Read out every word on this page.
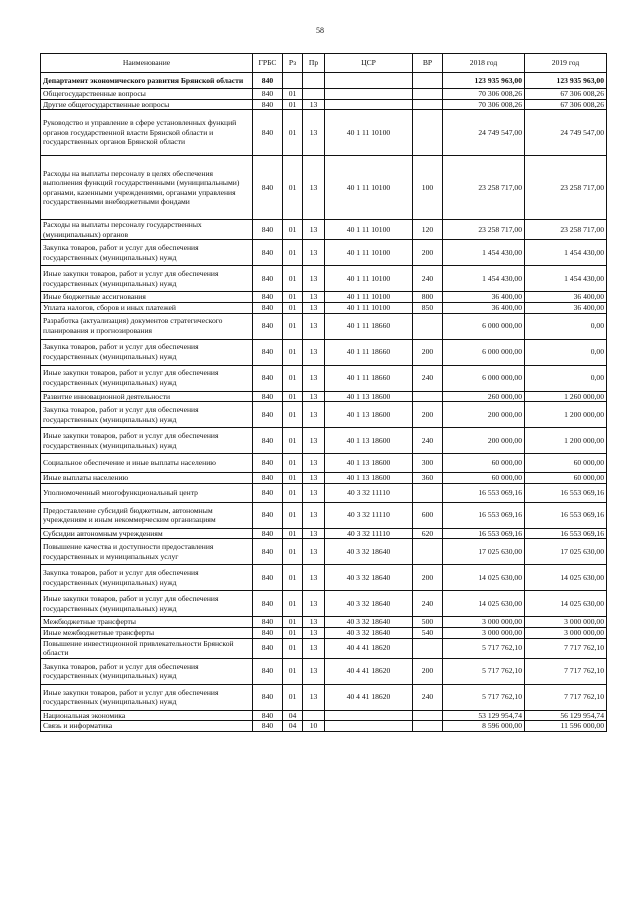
58
Наименование	ГРБС	Рз	Пр	ЦСР	ВР	2018 год	2019 год
Департамент экономического развития Брянской области	840					123 935 963,00	123 935 963,00
Общегосударственные вопросы	840	01				70 306 008,26	67 306 008,26
Другие общегосударственные вопросы	840	01	13			70 306 008,26	67 306 008,26
Руководство и управление в сфере установленных функций органов государственной власти Брянской области и государственных органов Брянской области	840	01	13	40 1 11 10100		24 749 547,00	24 749 547,00
Расходы на выплаты персоналу в целях обеспечения выполнения функций государственными (муниципальными) органами, казенными учреждениями, органами управления государственными внебюджетными фондами	840	01	13	40 1 11 10100	100	23 258 717,00	23 258 717,00
Расходы на выплаты персоналу государственных (муниципальных) органов	840	01	13	40 1 11 10100	120	23 258 717,00	23 258 717,00
Закупка товаров, работ и услуг для обеспечения государственных (муниципальных) нужд	840	01	13	40 1 11 10100	200	1 454 430,00	1 454 430,00
Иные закупки товаров, работ и услуг для обеспечения государственных (муниципальных) нужд	840	01	13	40 1 11 10100	240	1 454 430,00	1 454 430,00
Иные бюджетные ассигнования	840	01	13	40 1 11 10100	800	36 400,00	36 400,00
Уплата налогов, сборов и иных платежей	840	01	13	40 1 11 10100	850	36 400,00	36 400,00
Разработка (актуализация) документов стратегического планирования и прогнозирования	840	01	13	40 1 11 18660		6 000 000,00	0,00
Закупка товаров, работ и услуг для обеспечения государственных (муниципальных) нужд	840	01	13	40 1 11 18660	200	6 000 000,00	0,00
Иные закупки товаров, работ и услуг для обеспечения государственных (муниципальных) нужд	840	01	13	40 1 11 18660	240	6 000 000,00	0,00
Развитие инновационной деятельности	840	01	13	40 1 13 18600		260 000,00	1 260 000,00
Закупка товаров, работ и услуг для обеспечения государственных (муниципальных) нужд	840	01	13	40 1 13 18600	200	200 000,00	1 200 000,00
Иные закупки товаров, работ и услуг для обеспечения государственных (муниципальных) нужд	840	01	13	40 1 13 18600	240	200 000,00	1 200 000,00
Социальное обеспечение и иные выплаты населению	840	01	13	40 1 13 18600	300	60 000,00	60 000,00
Иные выплаты населению	840	01	13	40 1 13 18600	360	60 000,00	60 000,00
Уполномоченный многофункциональный центр	840	01	13	40 3 32 11110		16 553 069,16	16 553 069,16
Предоставление субсидий бюджетным, автономным учреждениям и иным некоммерческим организациям	840	01	13	40 3 32 11110	600	16 553 069,16	16 553 069,16
Субсидии автономным учреждениям	840	01	13	40 3 32 11110	620	16 553 069,16	16 553 069,16
Повышение качества и доступности предоставления государственных и муниципальных услуг	840	01	13	40 3 32 18640		17 025 630,00	17 025 630,00
Закупка товаров, работ и услуг для обеспечения государственных (муниципальных) нужд	840	01	13	40 3 32 18640	200	14 025 630,00	14 025 630,00
Иные закупки товаров, работ и услуг для обеспечения государственных (муниципальных) нужд	840	01	13	40 3 32 18640	240	14 025 630,00	14 025 630,00
Межбюджетные трансферты	840	01	13	40 3 32 18640	500	3 000 000,00	3 000 000,00
Иные межбюджетные трансферты	840	01	13	40 3 32 18640	540	3 000 000,00	3 000 000,00
Повышение инвестиционной привлекательности Брянской области	840	01	13	40 4 41 18620		5 717 762,10	7 717 762,10
Закупка товаров, работ и услуг для обеспечения государственных (муниципальных) нужд	840	01	13	40 4 41 18620	200	5 717 762,10	7 717 762,10
Иные закупки товаров, работ и услуг для обеспечения государственных (муниципальных) нужд	840	01	13	40 4 41 18620	240	5 717 762,10	7 717 762,10
Национальная экономика	840	04				53 129 954,74	56 129 954,74
Связь и информатика	840	04	10			8 596 000,00	11 596 000,00
